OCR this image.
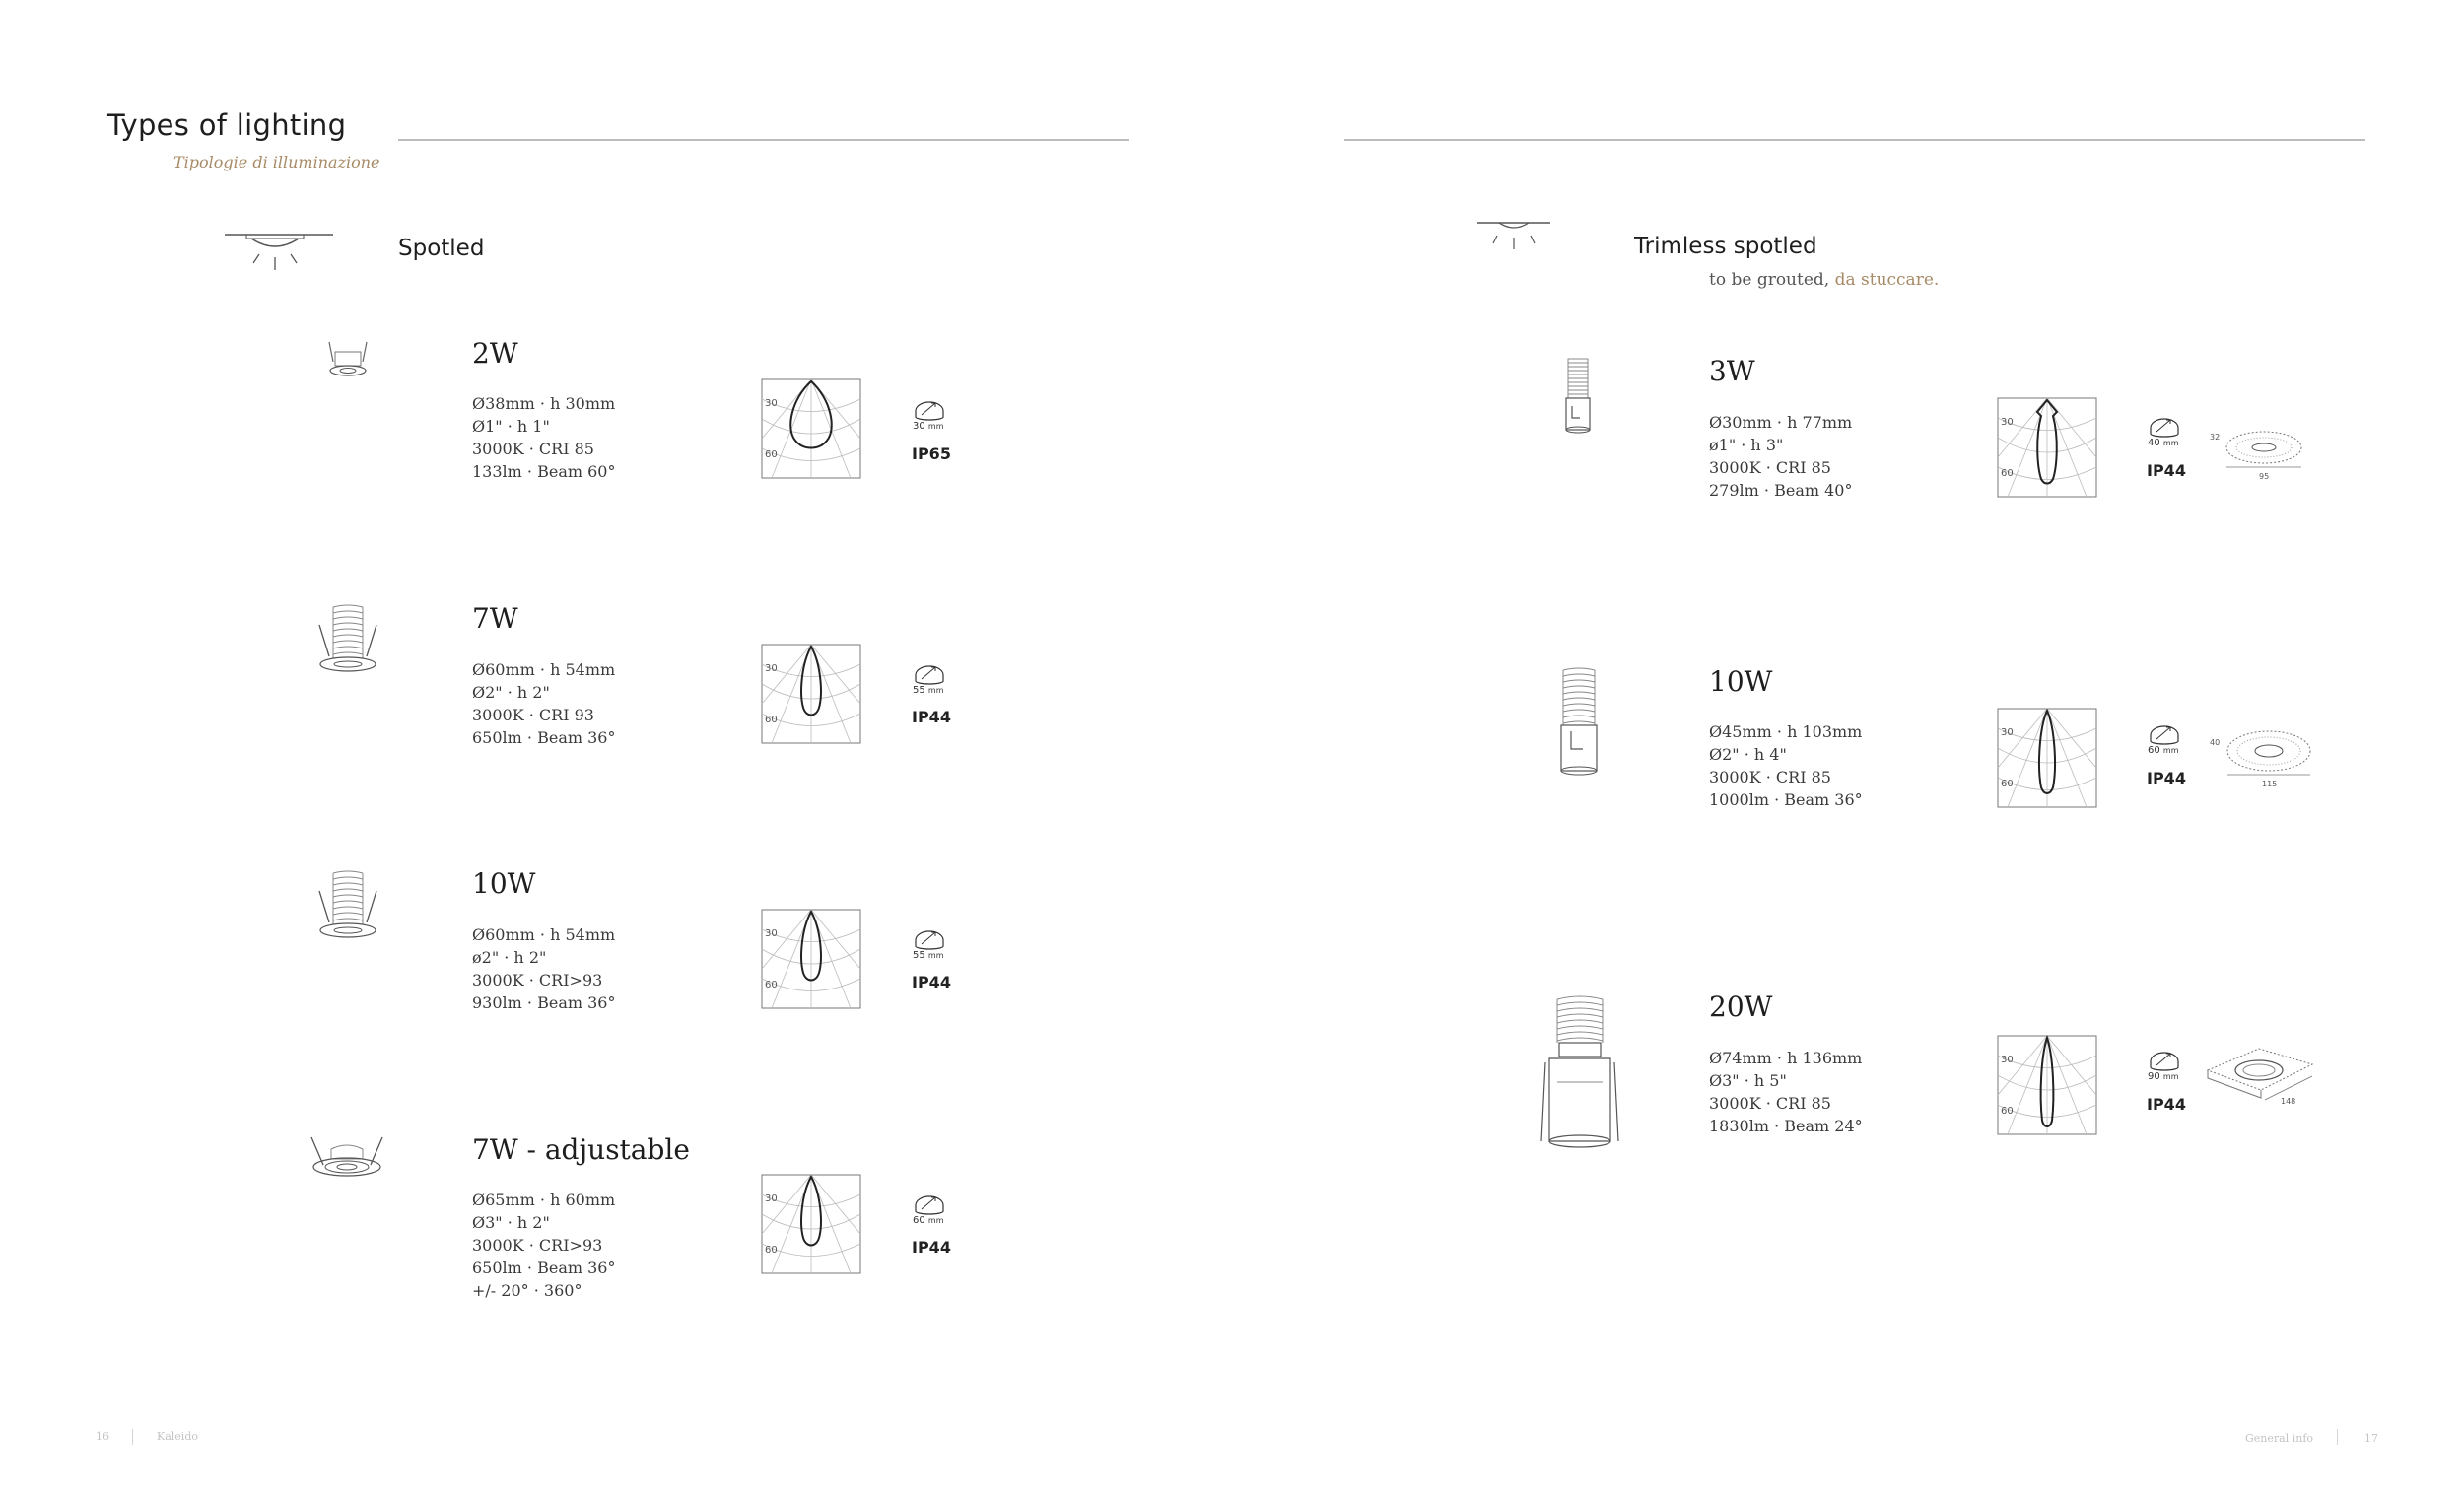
Types of lighting
Tipologie di illuminazione
Spotled	Trimless spotled
to be grouted, da stuccare.
2W
Ø38mm · h 30mm
Ø1" · h 1"
3000K · CRI 85
133lm · Beam 60°
30
60
30 mm
IP65
7W
Ø60mm · h 54mm
Ø2" · h 2"
3000K · CRI 93
650lm · Beam 36°
30
60
55 mm
IP44
10W
Ø60mm · h 54mm
ø2" · h 2"
3000K · CRI>93
930lm · Beam 36°
30
60
55 mm
IP44
7W - adjustable
Ø65mm · h 60mm
Ø3" · h 2"
3000K · CRI>93
650lm · Beam 36°
+/- 20° · 360°
30
60
60 mm
IP44
3W
Ø30mm · h 77mm
ø1" · h 3"
3000K · CRI 85
279lm · Beam 40°
30
60
40 mm
IP44
32
95
10W
Ø45mm · h 103mm
Ø2" · h 4"
3000K · CRI 85
1000lm · Beam 36°
30
60
60 mm
IP44
40
115
20W
Ø74mm · h 136mm
Ø3" · h 5"
3000K · CRI 85
1830lm · Beam 24°
30
60
90 mm
IP44	148
16	Kaleido	General info	17
